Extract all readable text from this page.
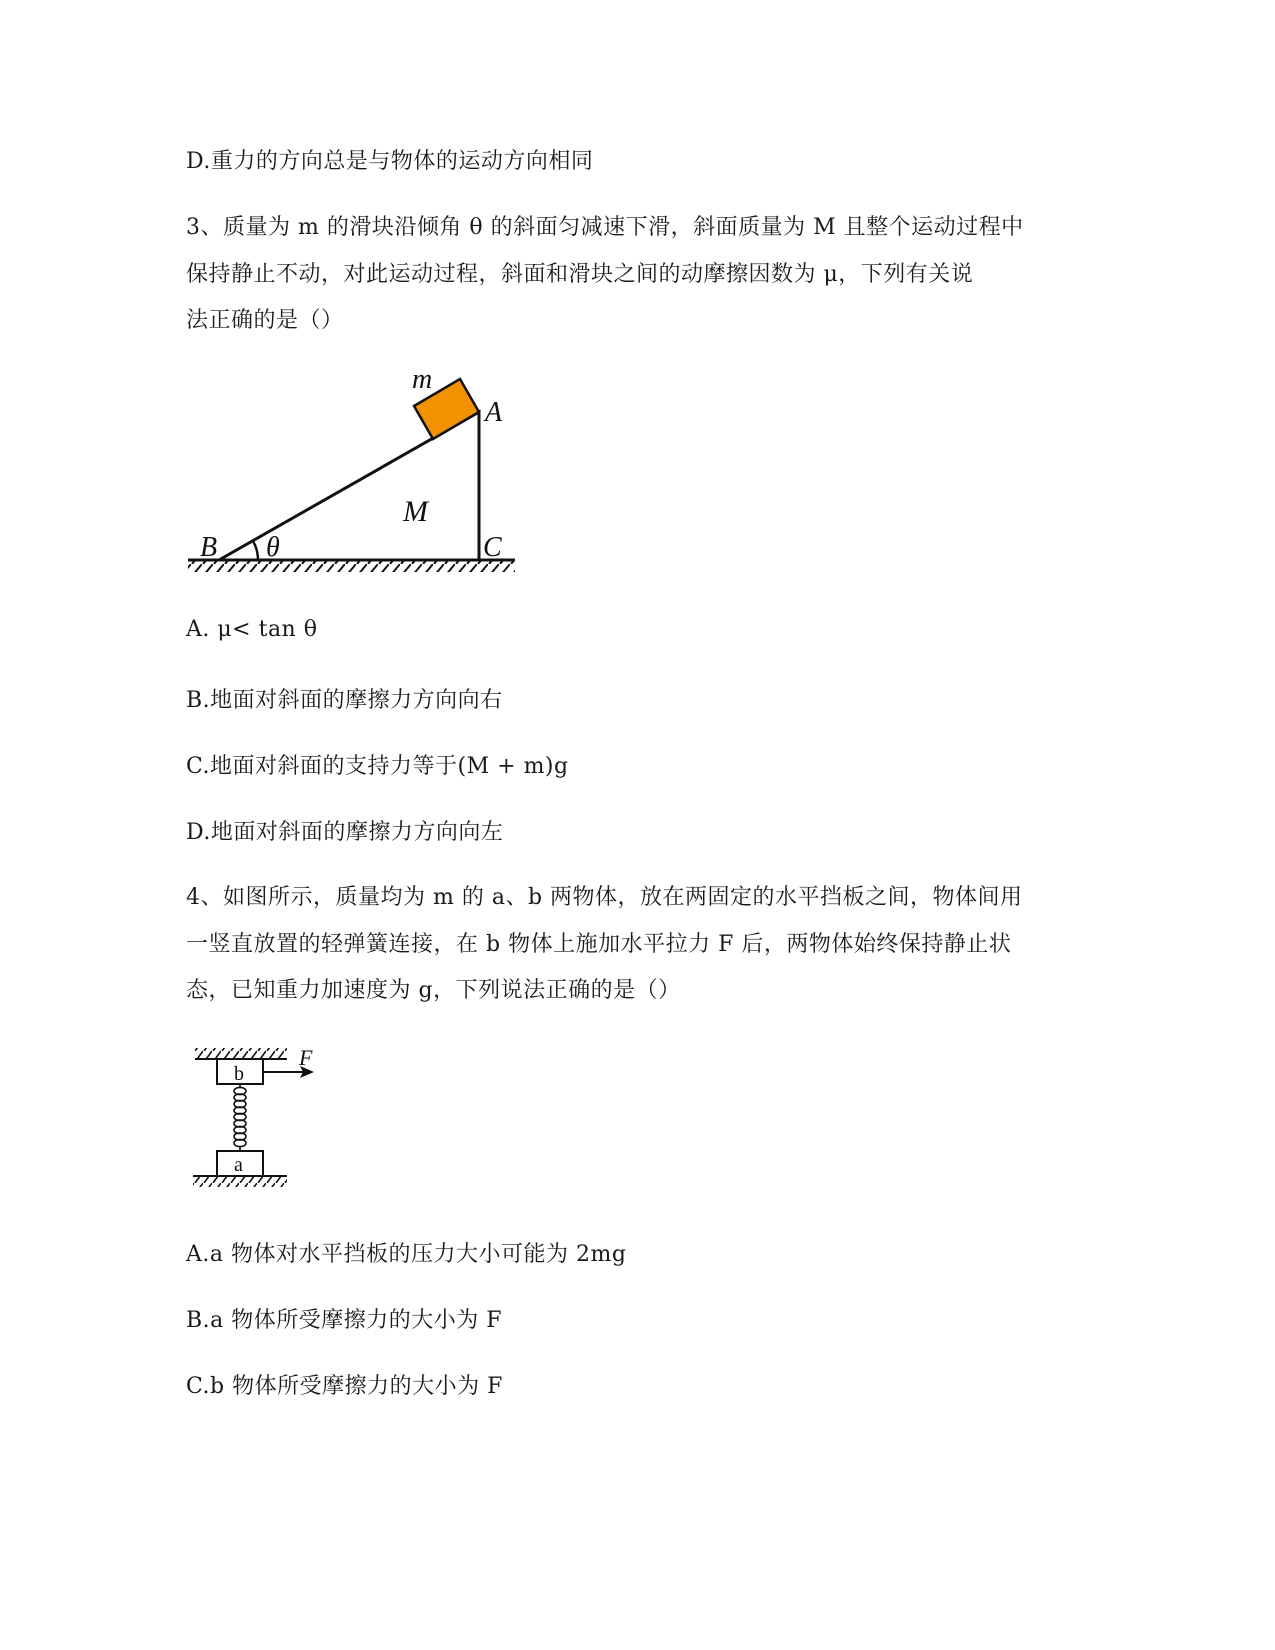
D.重力的方向总是与物体的运动方向相同
3、质量为 m 的滑块沿倾角 θ 的斜面匀减速下滑，斜面质量为 M 且整个运动过程中
保持静止不动，对此运动过程，斜面和滑块之间的动摩擦因数为 μ，下列有关说
法正确的是（）
m
A
M
B θ	C
A. μ< tan θ
B.地面对斜面的摩擦力方向向右
C.地面对斜面的支持力等于(M + m)g
D.地面对斜面的摩擦力方向向左
4、如图所示，质量均为 m 的 a、b 两物体，放在两固定的水平挡板之间，物体间用
一竖直放置的轻弹簧连接，在 b 物体上施加水平拉力 F 后，两物体始终保持静止状
态，已知重力加速度为 g，下列说法正确的是（）
b
F
a
A.a 物体对水平挡板的压力大小可能为 2mg
B.a 物体所受摩擦力的大小为 F
C.b 物体所受摩擦力的大小为 F
